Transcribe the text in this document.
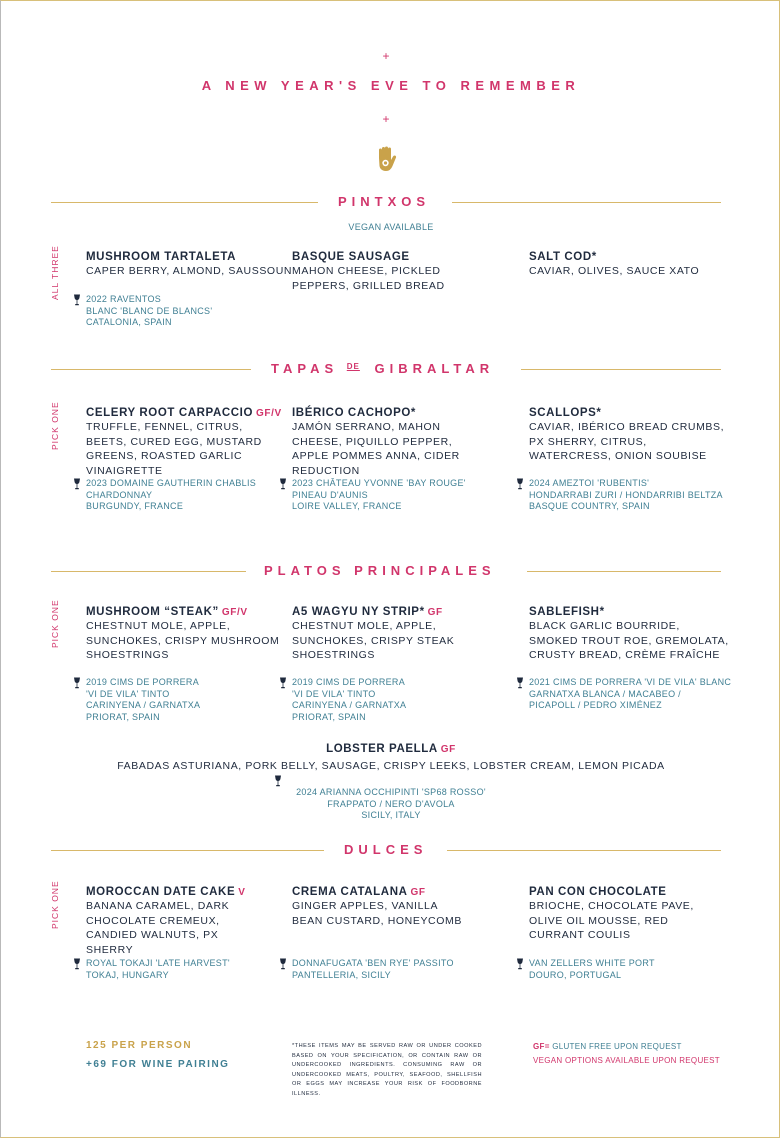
+
A NEW YEAR'S EVE TO REMEMBER
+
PINTXOS
VEGAN AVAILABLE
ALL THREE MUSHROOM TARTALETA
CAPER BERRY, ALMOND, SAUSSOUN
2022 RAVENTOS
BLANC 'BLANC DE BLANCS'
CATALONIA, SPAIN
BASQUE SAUSAGE
MAHON CHEESE, PICKLED PEPPERS, GRILLED BREAD
SALT COD*
CAVIAR, OLIVES, SAUCE XATO
TAPAS $^{DE}$ GIBRALTAR
PICK ONE CELERY ROOT CARPACCIO GF/V
TRUFFLE, FENNEL, CITRUS, BEETS, CURED EGG, MUSTARD GREENS, ROASTED GARLIC VINAIGRETTE
2023 DOMAINE GAUTHERIN CHABLIS
CHARDONNAY
BURGUNDY, FRANCE
IBÉRICO CACHOPO*
JAMÓN SERRANO, MAHON CHEESE, PIQUILLO PEPPER, APPLE POMMES ANNA, CIDER REDUCTION
2023 CHÂTEAU YVONNE 'BAY ROUGE'
PINEAU D'AUNIS
LOIRE VALLEY, FRANCE
SCALLOPS*
CAVIAR, IBÉRICO BREAD CRUMBS, PX SHERRY, CITRUS, WATERCRESS, ONION SOUBISE
2024 AMEZTOI 'RUBENTIS'
HONDARRABI ZURI / HONDARRIBI BELTZA
BASQUE COUNTRY, SPAIN
PLATOS PRINCIPALES
PICK ONE MUSHROOM “STEAK” GF/V
CHESTNUT MOLE, APPLE, SUNCHOKES, CRISPY MUSHROOM SHOESTRINGS
2019 CIMS DE PORRERA
'VI DE VILA' TINTO
CARINYENA / GARNATXA
PRIORAT, SPAIN
A5 WAGYU NY STRIP* GF
CHESTNUT MOLE, APPLE, SUNCHOKES, CRISPY STEAK SHOESTRINGS
2019 CIMS DE PORRERA
'VI DE VILA' TINTO
CARINYENA / GARNATXA
PRIORAT, SPAIN
SABLEFISH*
BLACK GARLIC BOURRIDE, SMOKED TROUT ROE, GREMOLATA, CRUSTY BREAD, CRÈME FRAÎCHE
2021 CIMS DE PORRERA 'VI DE VILA' BLANC
GARNATXA BLANCA / MACABEO /
PICAPOLL / PEDRO XIMÉNEZ
LOBSTER PAELLA GF
FABADAS ASTURIANA, PORK BELLY, SAUSAGE, CRISPY LEEKS, LOBSTER CREAM, LEMON PICADA
2024 ARIANNA OCCHIPINTI 'SP68 ROSSO'
FRAPPATO / NERO D'AVOLA
SICILY, ITALY
DULCES
PICK ONE MOROCCAN DATE CAKE V
BANANA CARAMEL, DARK CHOCOLATE CREMEUX, CANDIED WALNUTS, PX SHERRY
ROYAL TOKAJI 'LATE HARVEST'
TOKAJ, HUNGARY
CREMA CATALANA GF
GINGER APPLES, VANILLA BEAN CUSTARD, HONEYCOMB
DONNAFUGATA 'BEN RYE' PASSITO
PANTELLERIA, SICILY
PAN CON CHOCOLATE
BRIOCHE, CHOCOLATE PAVE, OLIVE OIL MOUSSE, RED CURRANT COULIS
VAN ZELLERS WHITE PORT
DOURO, PORTUGAL
125 PER PERSON
+69 FOR WINE PAIRING
*THESE ITEMS MAY BE SERVED RAW OR UNDER COOKED BASED ON YOUR SPECIFICATION, OR CONTAIN RAW OR UNDERCOOKED INGREDIENTS. CONSUMING RAW OR UNDERCOOKED MEATS, POULTRY, SEAFOOD, SHELLFISH OR EGGS MAY INCREASE YOUR RISK OF FOODBORNE ILLNESS.
GF= GLUTEN FREE UPON REQUEST
VEGAN OPTIONS AVAILABLE UPON REQUEST
